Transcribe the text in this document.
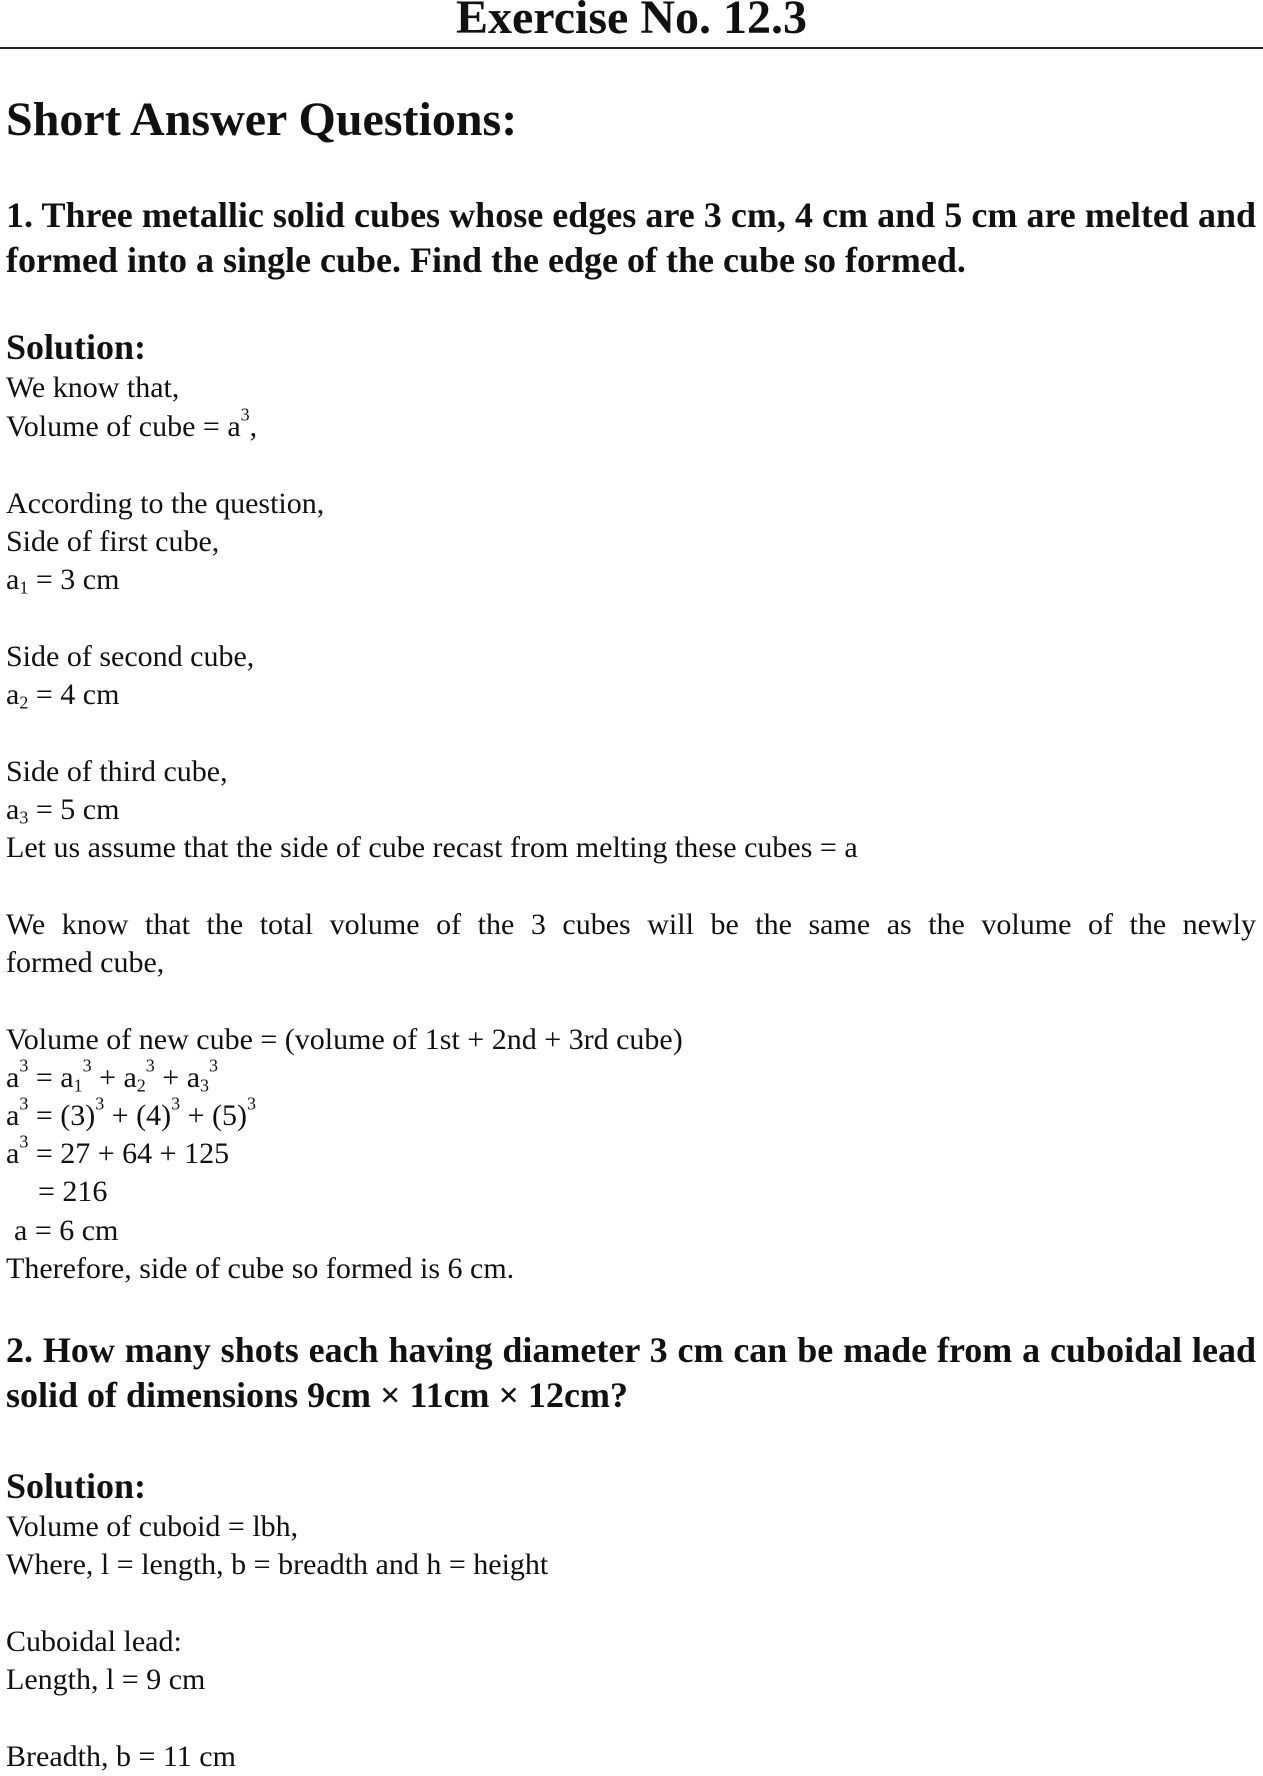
Exercise No. 12.3
Short Answer Questions:

1. Three metallic solid cubes whose edges are 3 cm, 4 cm and 5 cm are melted and formed into a single cube. Find the edge of the cube so formed.

Solution:

We know that,

Volume of cube = $a^3$,

According to the question,

Side of first cube,

$a_1 = 3$ cm

Side of second cube,

$a_2 = 4$ cm

Side of third cube,

$a_3 = 5$ cm

Let us assume that the side of cube recast from melting these cubes = a

We know that the total volume of the 3 cubes will be the same as the volume of the newly

formed cube,

Volume of new cube = (volume of 1st + 2nd + 3rd cube)

$a^3 = a_1^3 + a_2^3 + a_3^3$

$a^3 = (3)^3 + (4)^3 + (5)^3$

$a^3 = 27 + 64 + 125$

= 216

a = 6 cm

Therefore, side of cube so formed is 6 cm.

2. How many shots each having diameter 3 cm can be made from a cuboidal lead solid of dimensions 9cm × 11cm × 12cm?

Solution:

Volume of cuboid = lbh,

Where, l = length, b = breadth and h = height

Cuboidal lead:

Length, l = 9 cm

Breadth, b = 11 cm
